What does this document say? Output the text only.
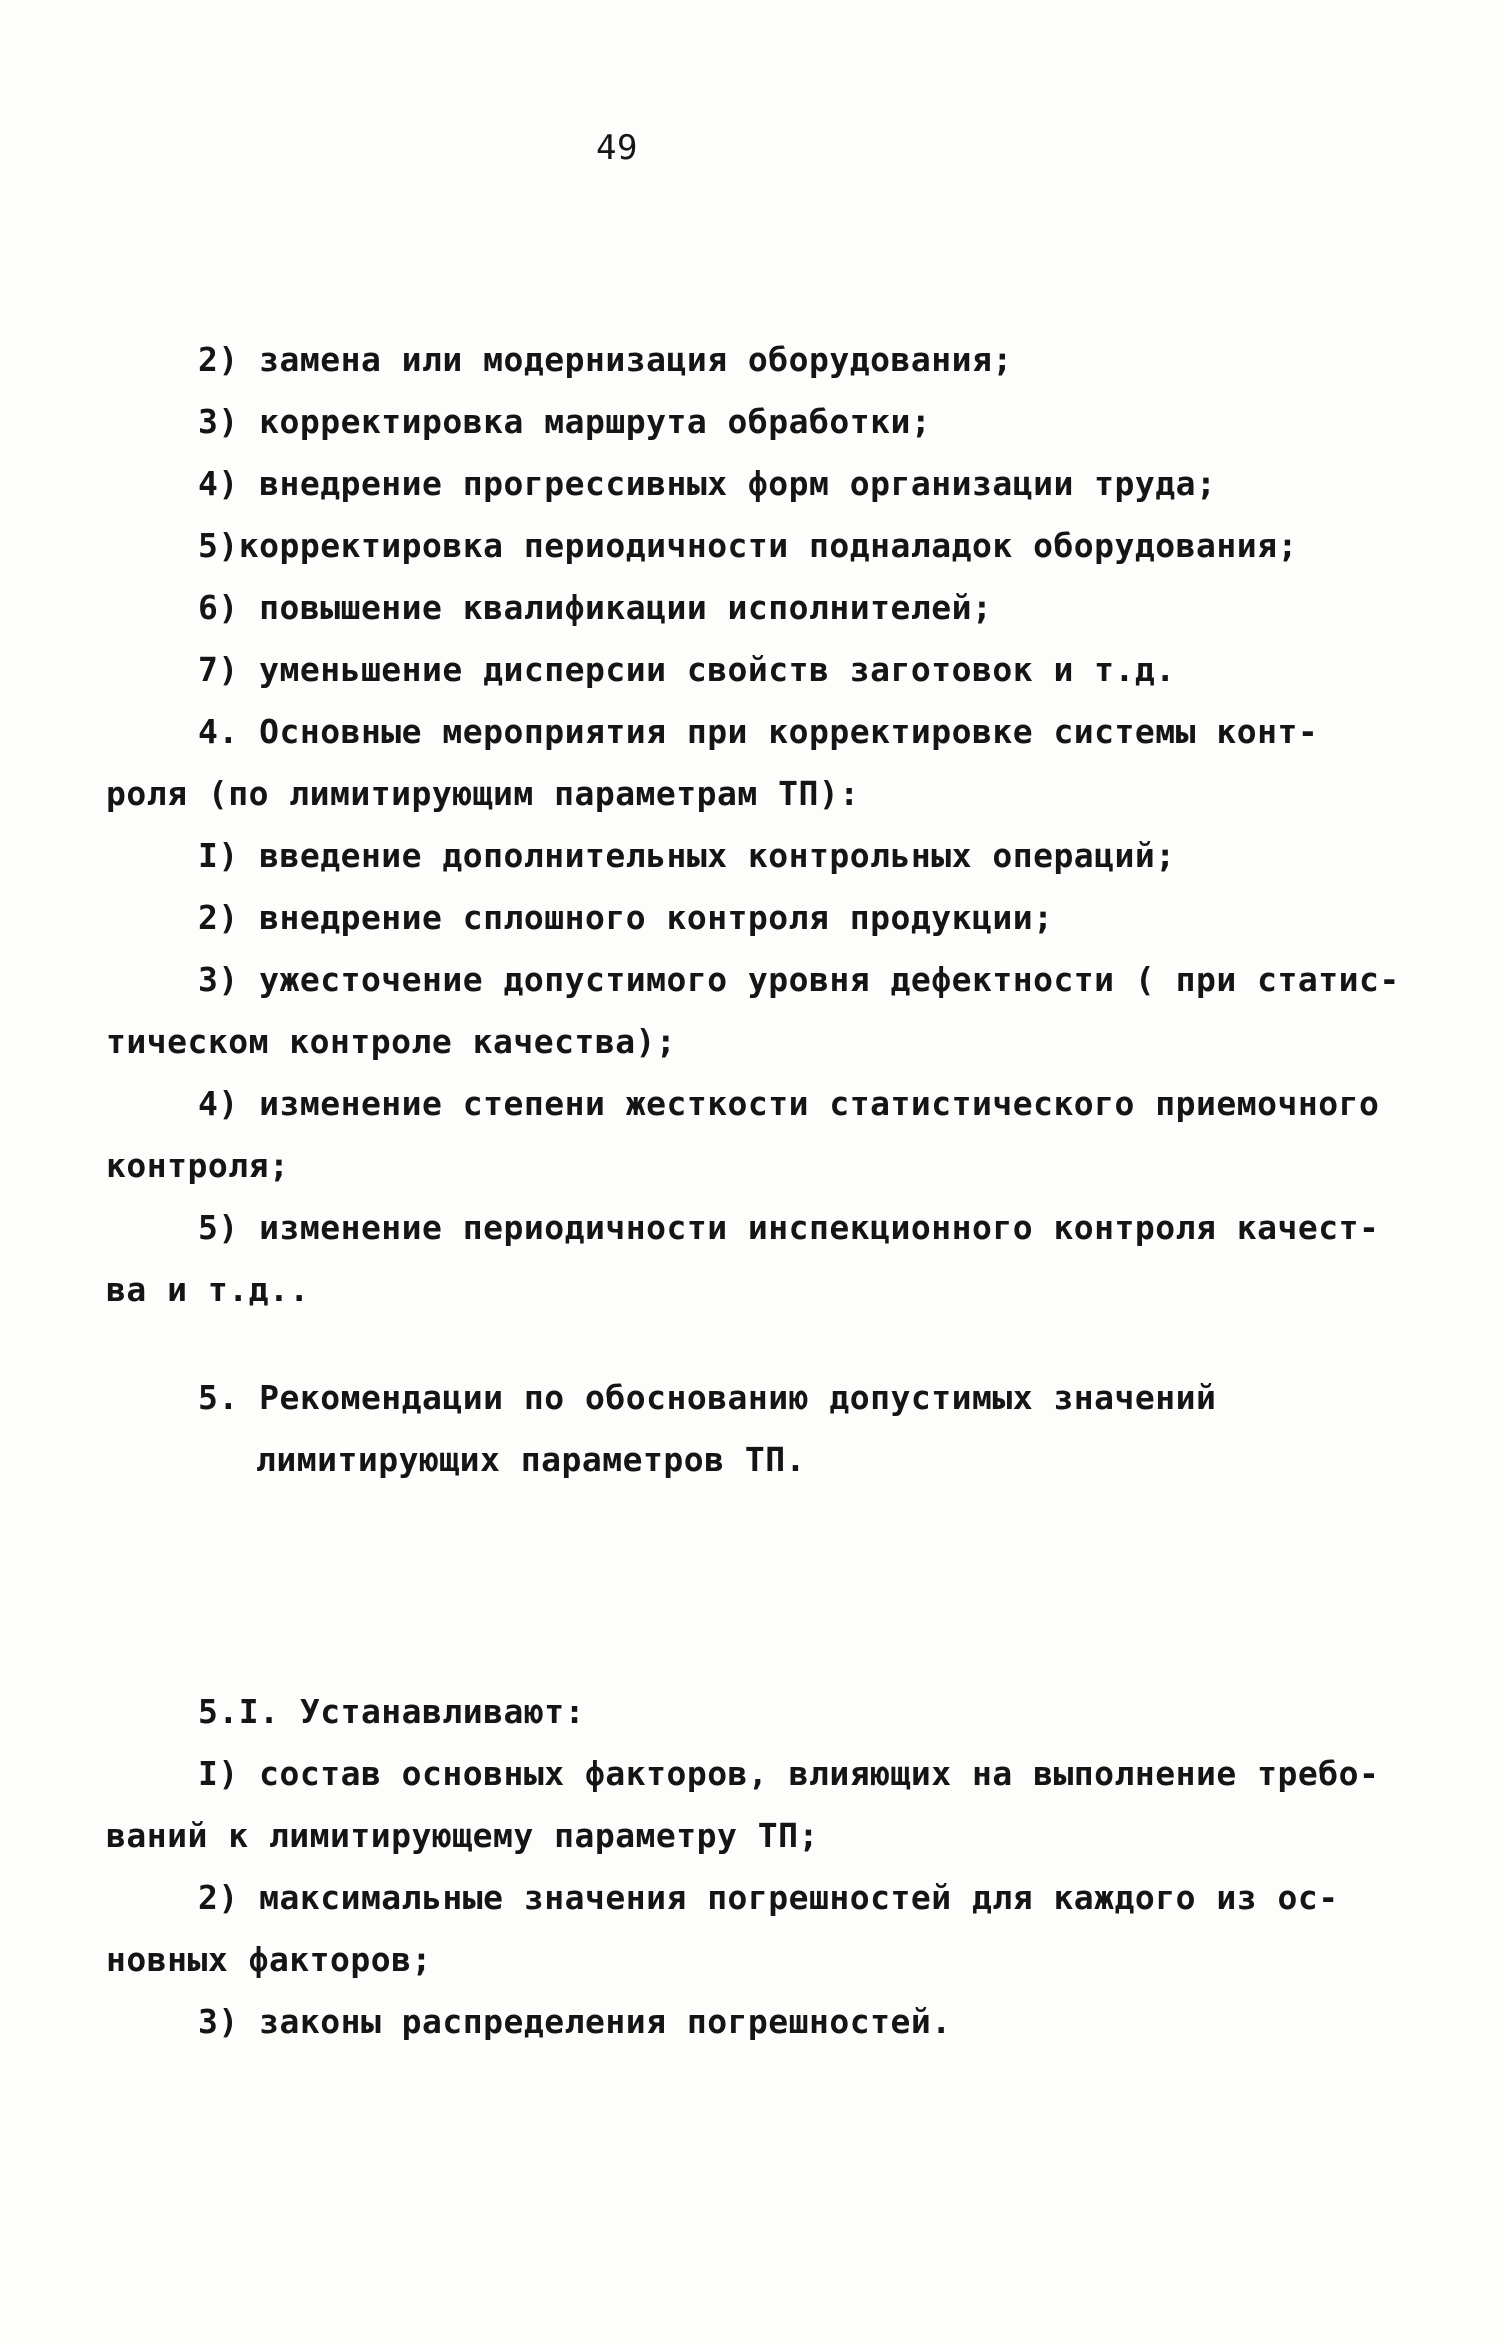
49
2) замена или модернизация оборудования;
3) корректировка маршрута обработки;
4) внедрение прогрессивных форм организации труда;
5)корректировка периодичности подналадок оборудования;
6) повышение квалификации исполнителей;
7) уменьшение дисперсии свойств заготовок и т.д.
4. Основные мероприятия при корректировке системы конт-
роля (по лимитирующим параметрам ТП):
I) введение дополнительных контрольных операций;
2) внедрение сплошного контроля продукции;
3) ужесточение допустимого уровня дефектности ( при статис-
тическом контроле качества);
4) изменение степени жесткости статистического приемочного
контроля;
5) изменение периодичности инспекционного контроля качест-
ва и т.д..
5. Рекомендации по обоснованию допустимых значений
лимитирующих параметров ТП.
5.I. Устанавливают:
I) состав основных факторов, влияющих на выполнение требо-
ваний к лимитирующему параметру ТП;
2) максимальные значения погрешностей для каждого из ос-
новных факторов;
3) законы распределения погрешностей.
